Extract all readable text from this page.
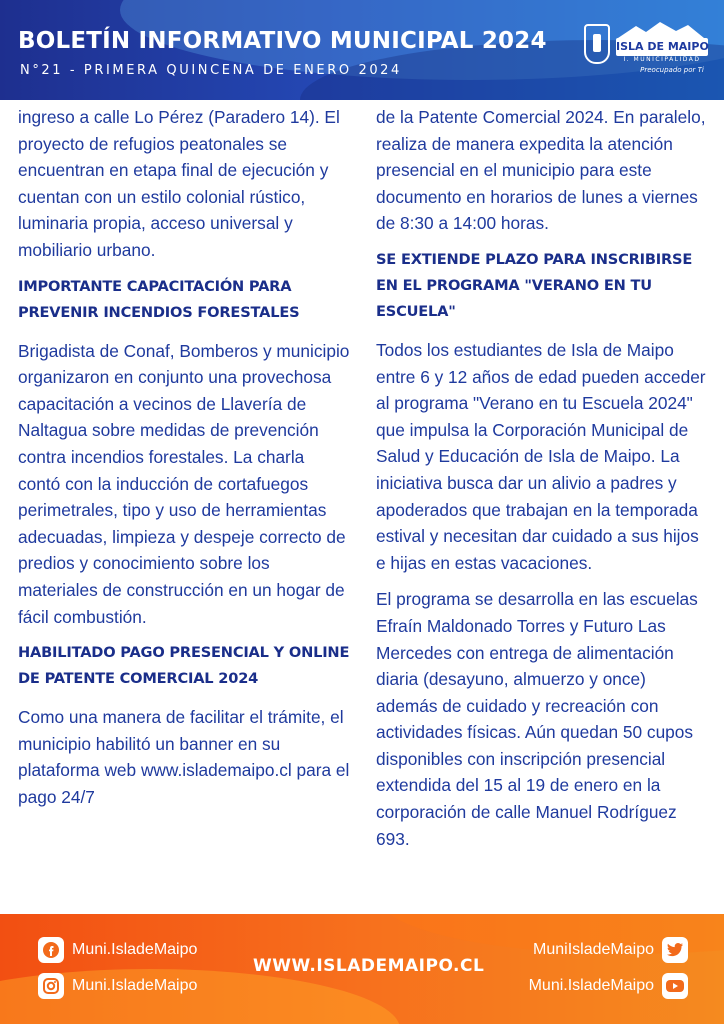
BOLETÍN INFORMATIVO MUNICIPAL 2024
N°21 - PRIMERA QUINCENA DE ENERO 2024
ISLA DE MAIPO
I. MUNICIPALIDAD
Preocupado por Ti

ingreso a calle Lo Pérez (Paradero 14). El proyecto de refugios peatonales se encuentran en etapa final de ejecución y cuentan con un estilo colonial rústico, luminaria propia, acceso universal y mobiliario urbano.

IMPORTANTE CAPACITACIÓN PARA PREVENIR INCENDIOS FORESTALES

Brigadista de Conaf, Bomberos y municipio organizaron en conjunto una provechosa capacitación a vecinos de Llavería de Naltagua sobre medidas de prevención contra incendios forestales. La charla contó con la inducción de cortafuegos perimetrales, tipo y uso de herramientas adecuadas, limpieza y despeje correcto de predios y conocimiento sobre los materiales de construcción en un hogar de fácil combustión.

HABILITADO PAGO PRESENCIAL Y ONLINE DE PATENTE COMERCIAL 2024

Como una manera de facilitar el trámite, el municipio habilitó un banner en su plataforma web www.islademaipo.cl para el pago 24/7

de la Patente Comercial 2024. En paralelo, realiza de manera expedita la atención presencial en el municipio para este documento en horarios de lunes a viernes de 8:30 a 14:00 horas.

SE EXTIENDE PLAZO PARA INSCRIBIRSE EN EL PROGRAMA "VERANO EN TU ESCUELA"

Todos los estudiantes de Isla de Maipo entre 6 y 12 años de edad pueden acceder al programa "Verano en tu Escuela 2024" que impulsa la Corporación Municipal de Salud y Educación de Isla de Maipo. La iniciativa busca dar un alivio a padres y apoderados que trabajan en la temporada estival y necesitan dar cuidado a sus hijos e hijas en estas vacaciones.

El programa se desarrolla en las escuelas Efraín Maldonado Torres y Futuro Las Mercedes con entrega de alimentación diaria (desayuno, almuerzo y once) además de cuidado y recreación con actividades físicas. Aún quedan 50 cupos disponibles con inscripción presencial extendida del 15 al 19 de enero en la corporación de calle Manuel Rodríguez 693.

Muni.IsladeMaipo
Muni.IsladeMaipo
WWW.ISLADEMAIPO.CL
MuniIsladeMaipo
Muni.IsladeMaipo
